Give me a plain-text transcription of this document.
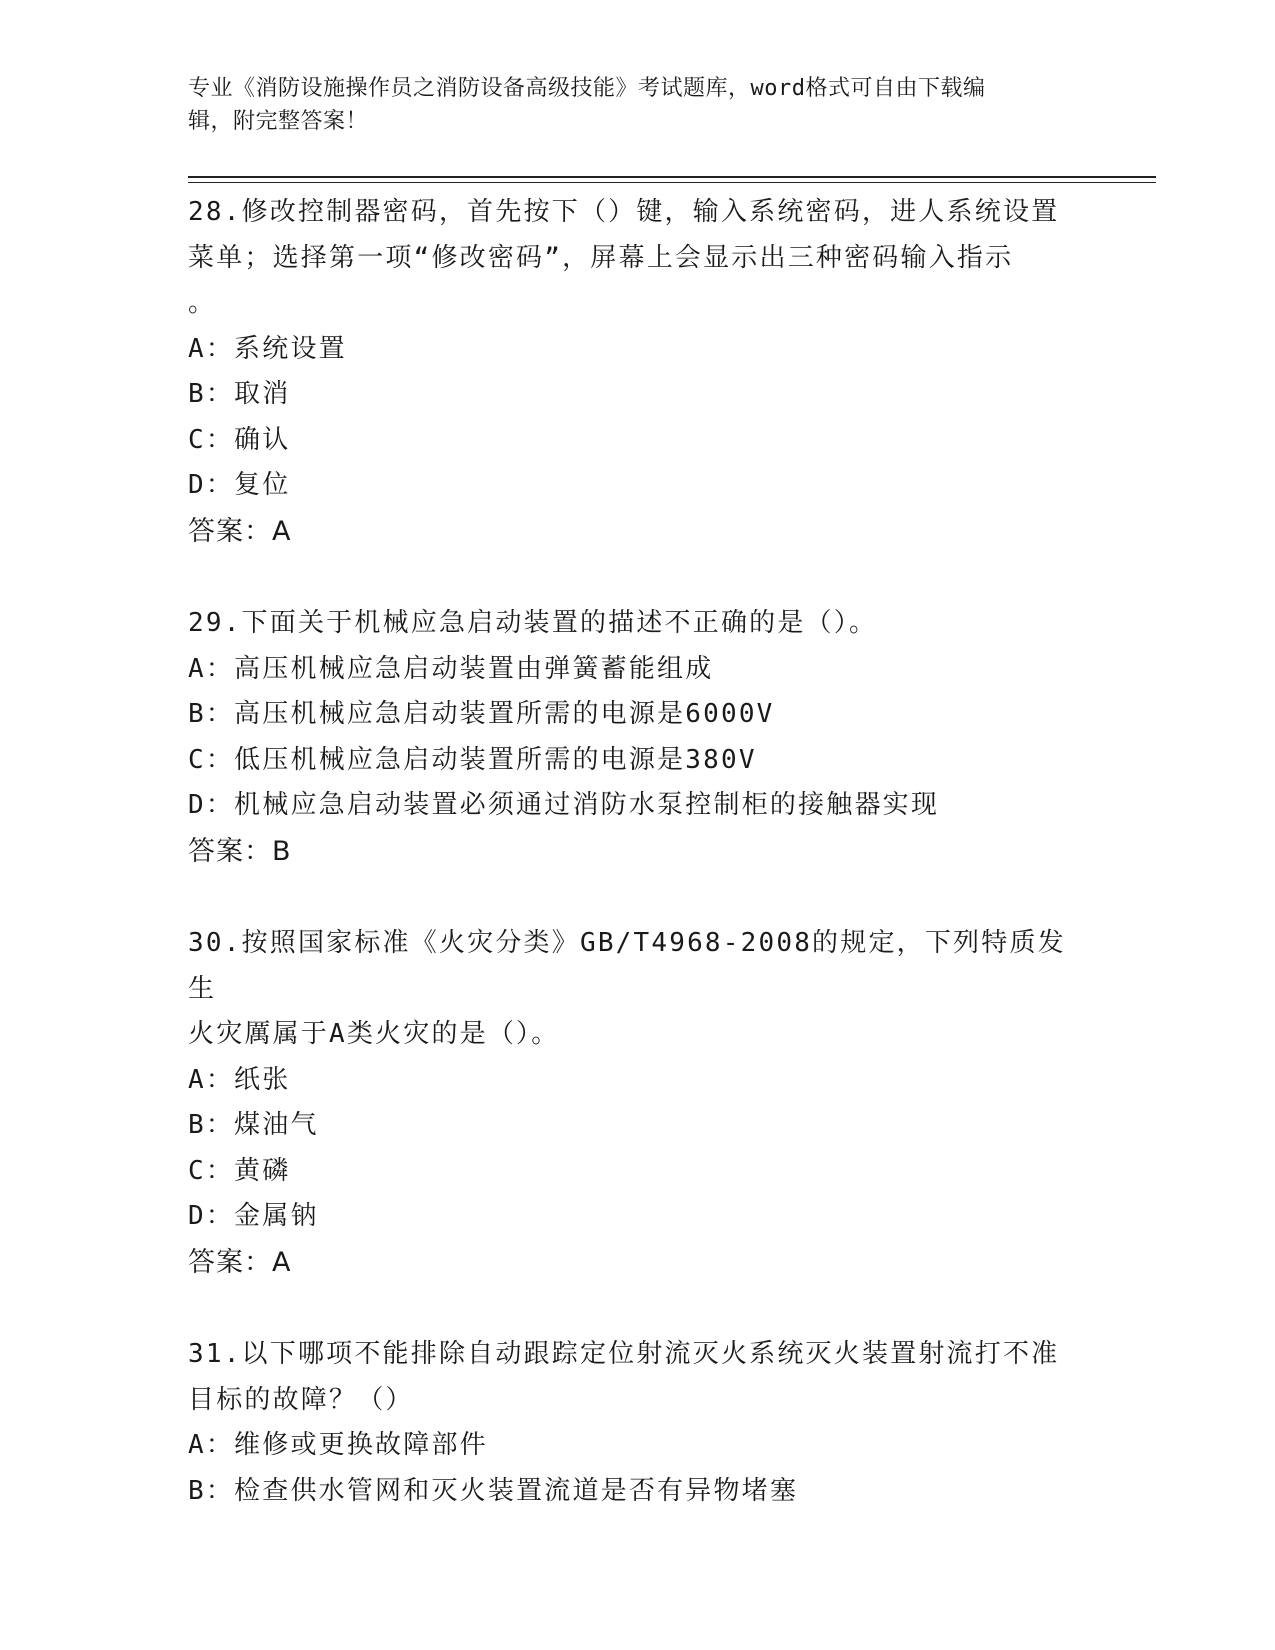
专业《消防设施操作员之消防设备高级技能》考试题库，word格式可自由下载编
辑，附完整答案！
28.修改控制器密码，首先按下（）键，输入系统密码，进人系统设置
菜单；选择第一项“修改密码”，屏幕上会显示出三种密码输入指示
。
A：系统设置
B：取消
C：确认
D：复位
答案：A
29.下面关于机械应急启动装置的描述不正确的是（）。
A：高压机械应急启动装置由弹簧蓄能组成
B：高压机械应急启动装置所需的电源是6000V
C：低压机械应急启动装置所需的电源是380V
D：机械应急启动装置必须通过消防水泵控制柜的接触器实现
答案：B
30.按照国家标准《火灾分类》GB/T4968-2008的规定，下列特质发生
火灾厲属于A类火灾的是（）。
A：纸张
B：煤油气
C：黄磷
D：金属钠
答案：A
31.以下哪项不能排除自动跟踪定位射流灭火系统灭火装置射流打不准
目标的故障？（）
A：维修或更换故障部件
B：检查供水管网和灭火装置流道是否有异物堵塞
